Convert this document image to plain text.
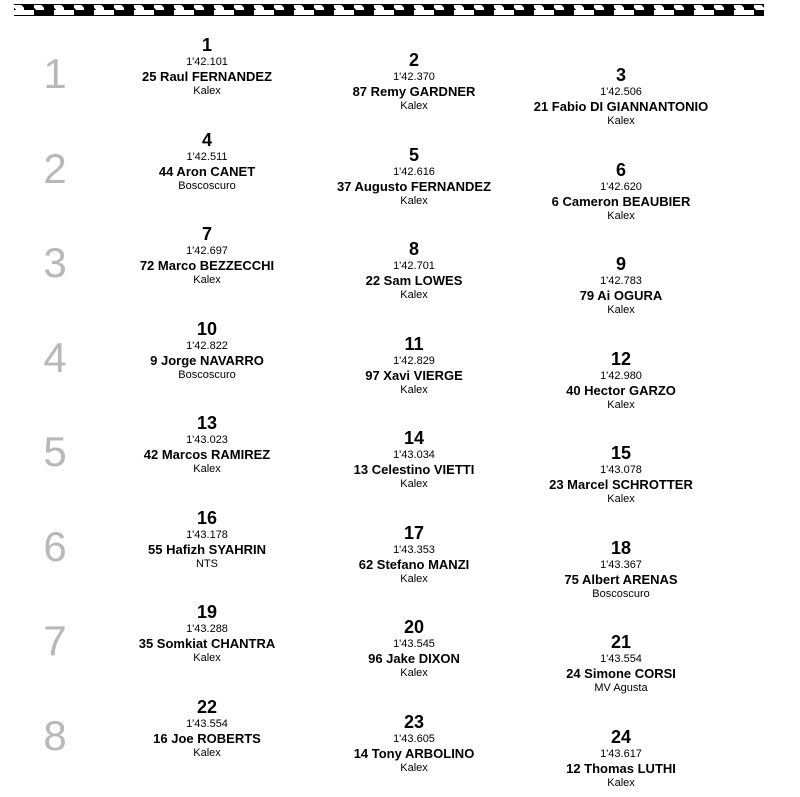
1
2
3
4
5
6
7
8
1
1'42.101
25 Raul FERNANDEZ
Kalex
2
1'42.370
87 Remy GARDNER
Kalex
3
1'42.506
21 Fabio DI GIANNANTONIO
Kalex
4
1'42.511
44 Aron CANET
Boscoscuro
5
1'42.616
37 Augusto FERNANDEZ
Kalex
6
1'42.620
6 Cameron BEAUBIER
Kalex
7
1'42.697
72 Marco BEZZECCHI
Kalex
8
1'42.701
22 Sam LOWES
Kalex
9
1'42.783
79 Ai OGURA
Kalex
10
1'42.822
9 Jorge NAVARRO
Boscoscuro
11
1'42.829
97 Xavi VIERGE
Kalex
12
1'42.980
40 Hector GARZO
Kalex
13
1'43.023
42 Marcos RAMIREZ
Kalex
14
1'43.034
13 Celestino VIETTI
Kalex
15
1'43.078
23 Marcel SCHROTTER
Kalex
16
1'43.178
55 Hafizh SYAHRIN
NTS
17
1'43.353
62 Stefano MANZI
Kalex
18
1'43.367
75 Albert ARENAS
Boscoscuro
19
1'43.288
35 Somkiat CHANTRA
Kalex
20
1'43.545
96 Jake DIXON
Kalex
21
1'43.554
24 Simone CORSI
MV Agusta
22
1'43.554
16 Joe ROBERTS
Kalex
23
1'43.605
14 Tony ARBOLINO
Kalex
24
1'43.617
12 Thomas LUTHI
Kalex
